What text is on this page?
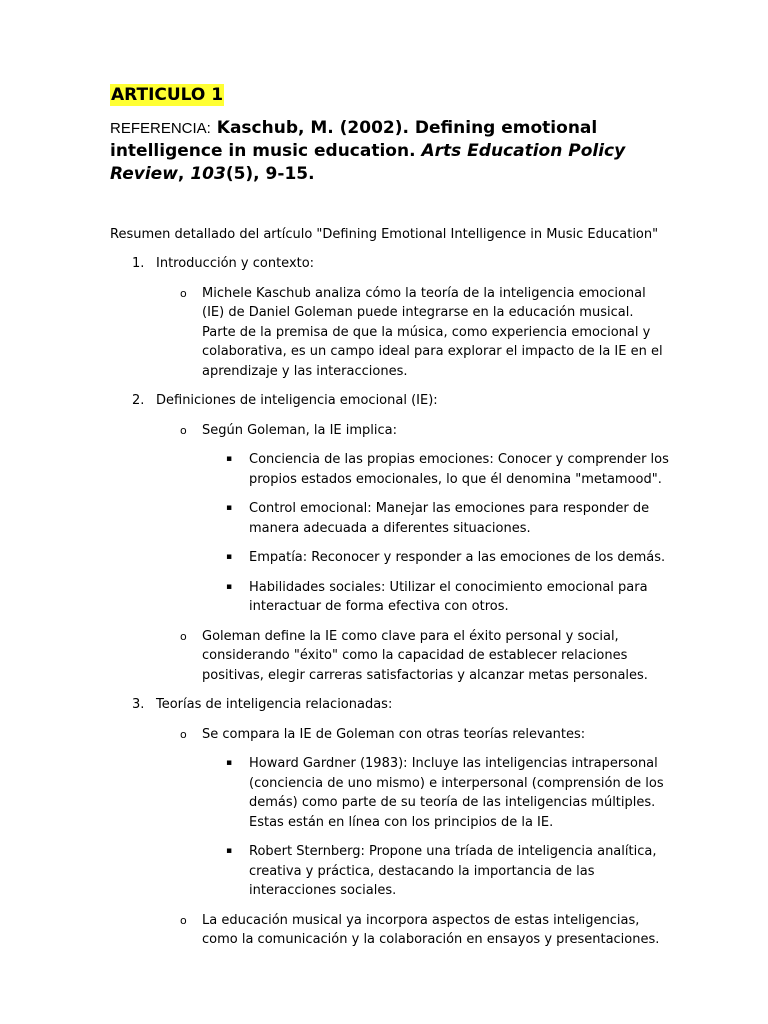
ARTICULO 1
REFERENCIA: Kaschub, M. (2002). Defining emotional intelligence in music education. Arts Education Policy Review, 103(5), 9-15.
Resumen detallado del artículo "Defining Emotional Intelligence in Music Education"
1. Introducción y contexto:
o Michele Kaschub analiza cómo la teoría de la inteligencia emocional (IE) de Daniel Goleman puede integrarse en la educación musical. Parte de la premisa de que la música, como experiencia emocional y colaborativa, es un campo ideal para explorar el impacto de la IE en el aprendizaje y las interacciones.
2. Definiciones de inteligencia emocional (IE):
o Según Goleman, la IE implica:
▪ Conciencia de las propias emociones: Conocer y comprender los propios estados emocionales, lo que él denomina "metamood".
▪ Control emocional: Manejar las emociones para responder de manera adecuada a diferentes situaciones.
▪ Empatía: Reconocer y responder a las emociones de los demás.
▪ Habilidades sociales: Utilizar el conocimiento emocional para interactuar de forma efectiva con otros.
o Goleman define la IE como clave para el éxito personal y social, considerando "éxito" como la capacidad de establecer relaciones positivas, elegir carreras satisfactorias y alcanzar metas personales.
3. Teorías de inteligencia relacionadas:
o Se compara la IE de Goleman con otras teorías relevantes:
▪ Howard Gardner (1983): Incluye las inteligencias intrapersonal (conciencia de uno mismo) e interpersonal (comprensión de los demás) como parte de su teoría de las inteligencias múltiples. Estas están en línea con los principios de la IE.
▪ Robert Sternberg: Propone una tríada de inteligencia analítica, creativa y práctica, destacando la importancia de las interacciones sociales.
o La educación musical ya incorpora aspectos de estas inteligencias, como la comunicación y la colaboración en ensayos y presentaciones.
